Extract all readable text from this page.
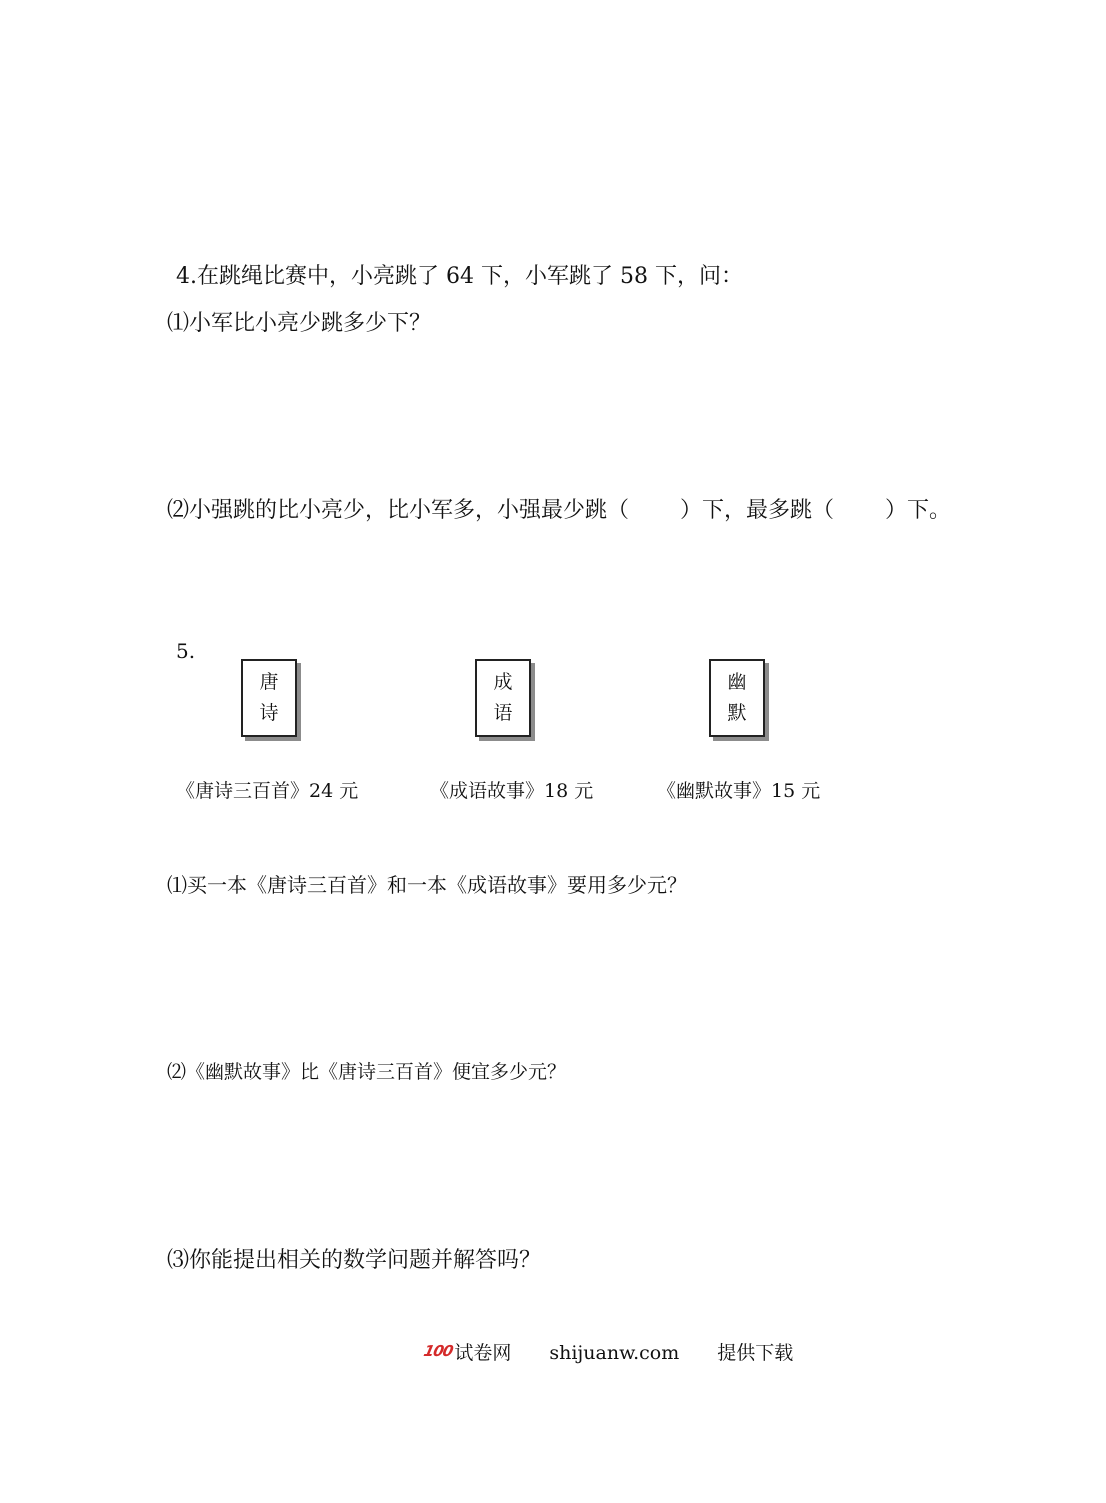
4.在跳绳比赛中，小亮跳了 64 下，小军跳了 58 下，问：
⑴小军比小亮少跳多少下？
⑵小强跳的比小亮少，比小军多，小强最少跳（　　 ）下，最多跳（　　 ）下。
5.
唐
诗
成
语
幽
默
《唐诗三百首》24 元	《成语故事》18 元	《幽默故事》15 元
⑴买一本《唐诗三百首》和一本《成语故事》要用多少元？
⑵《幽默故事》比《唐诗三百首》便宜多少元？
⑶你能提出相关的数学问题并解答吗？
100试卷网 shijuanw.com 提供下载
